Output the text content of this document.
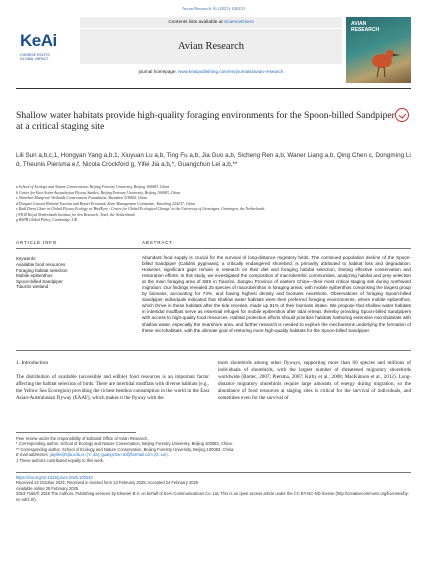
Avian Research 16 (2025) 100233
KeAi
CHINESE ROOTS
GLOBAL IMPACT
Contents lists available at ScienceDirect
Avian Research
journal homepage: www.keaipublishing.com/en/journals/avian-research
AVIAN
RESEARCH
Shallow water habitats provide high-quality foraging environments for the Spoon-billed Sandpiper at a critical staging site
Lili Sun a,b,c,1, Hongyan Yang a,b,1, Xiuyuan Lu a,b, Ting Fu a,b, Jia Guo a,b, Sicheng Ren a,b, Waner Liang a,b, Qing Chen c, Dongming Li d, Theunis Piersma e,f, Nicola Crockford g, Yifei Jia a,b,*, Guangchun Lei a,b,**
a School of Ecology and Nature Conservation, Beijing Forestry University, Beijing 100083, China
b Center for East Asian-Australasian Flyway Studies, Beijing Forestry University, Beijing 100083, China
c Shenzhen Mangrove Wetlands Conservation Foundation, Shenzhen 518000, China
d Dongtai Coastal Wetland Tourism and Resort Economic Zone Management Committee, Yancheng 224237, China
e Rudi Drent Chair in Global Flyway Ecology at 'BirdEyes - Centre for Global Ecological Change' at the University of Groningen, Groningen, the Netherlands
f NIOZ Royal Netherlands Institute for Sea Research, Texel, the Netherlands
g RSPB Global Policy, Cambridge, UK
ARTICLE INFO	ABSTRACT
Keywords:
Available food resources
Foraging habitat selection
Mobile epibenthos
Spoon-billed Sandpiper
Tiaozini wetland
Abundant food supply is crucial for the survival of long-distance migratory birds. The continued population decline of the Spoon-billed Sandpiper (Calidris pygmaea), a critically endangered shorebird, is primarily attributed to habitat loss and degradation. However, significant gaps remain in research on their diet and foraging habitat selection, limiting effective conservation and restoration efforts. In this study, we investigated the composition of macrobenthic communities, analyzing habitat and prey selection at the main foraging area of SBS in Tiaozini, Jiangsu Province of eastern China—their most critical staging site during northward migration. Our findings revealed 25 species of macrobenthos in foraging areas, with mobile epibenthos comprising the largest group by biomass, accounting for 73%, and having highest density and biomass nearshore. Observations of foraging Spoon-billed Sandpiper individuals indicated that shallow water habitats were their preferred foraging environments, where mobile epibenthos, which thrive in these habitats after the tide recedes, made up 81% of their biomass intake. We propose that shallow water habitats in intertidal mudflats serve as essential refuges for mobile epibenthos after tidal retreat, thereby providing Spoon-billed Sandpipers with access to high-quality food resources. Habitat protection efforts should prioritize habitats harboring extensive microhabitats with shallow water, especially the nearshore area, and further research is needed to explore the mechanisms underlying the formation of these microhabitats, with the ultimate goal of restoring more high-quality habitats for the Spoon-billed Sandpiper.
1. Introduction
The distribution of available (accessible and edible) food resources is an important factor affecting the habitat selection of birds. There are intertidal mudflats with diverse habitats (e.g., the Yellow Sea Ecoregion) providing the richest benthos consumption in the world in the East Asian-Australasian Flyway (EAAF), which makes it the flyway with the
most shorebirds among other flyways, supporting more than 60 species and millions of individuals of shorebirds, with the largest number of threatened migratory shorebirds worldwide (Bartec, 2007; Piersma, 2007; Kirby et al., 2008; MacKinnon et al., 2012). Long-distance migratory shorebirds require large amounts of energy during migration, so the abundance of food resources at staging sites is critical for the survival of individuals, and sometimes even for the survival of
Peer review under the responsibility of Editorial Office of Avian Research.
* Corresponding author. School of Ecology and Nature Conservation, Beijing Forestry University, Beijing 100083, China.
** Corresponding author. School of Ecology and Nature Conservation, Beijing Forestry University, Beijing 100083, China.
E-mail addresses: jiayifei@bjfu.edu.cn (Y. Jia), guangchun.lei@foxmail.com (G. Lei).
1 These authors contributed equally to this work.
https://doi.org/10.1016/j.avrs.2025.100233
Received 22 October 2024; Received in revised form 13 February 2025; Accepted 24 February 2025
Available online 28 February 2025
2053-7166/© 2025 The Authors. Publishing services by Elsevier B.V. on behalf of KeAi Communications Co. Ltd. This is an open access article under the CC BY-NC-ND license (http://creativecommons.org/licenses/by-nc-nd/4.0/).
